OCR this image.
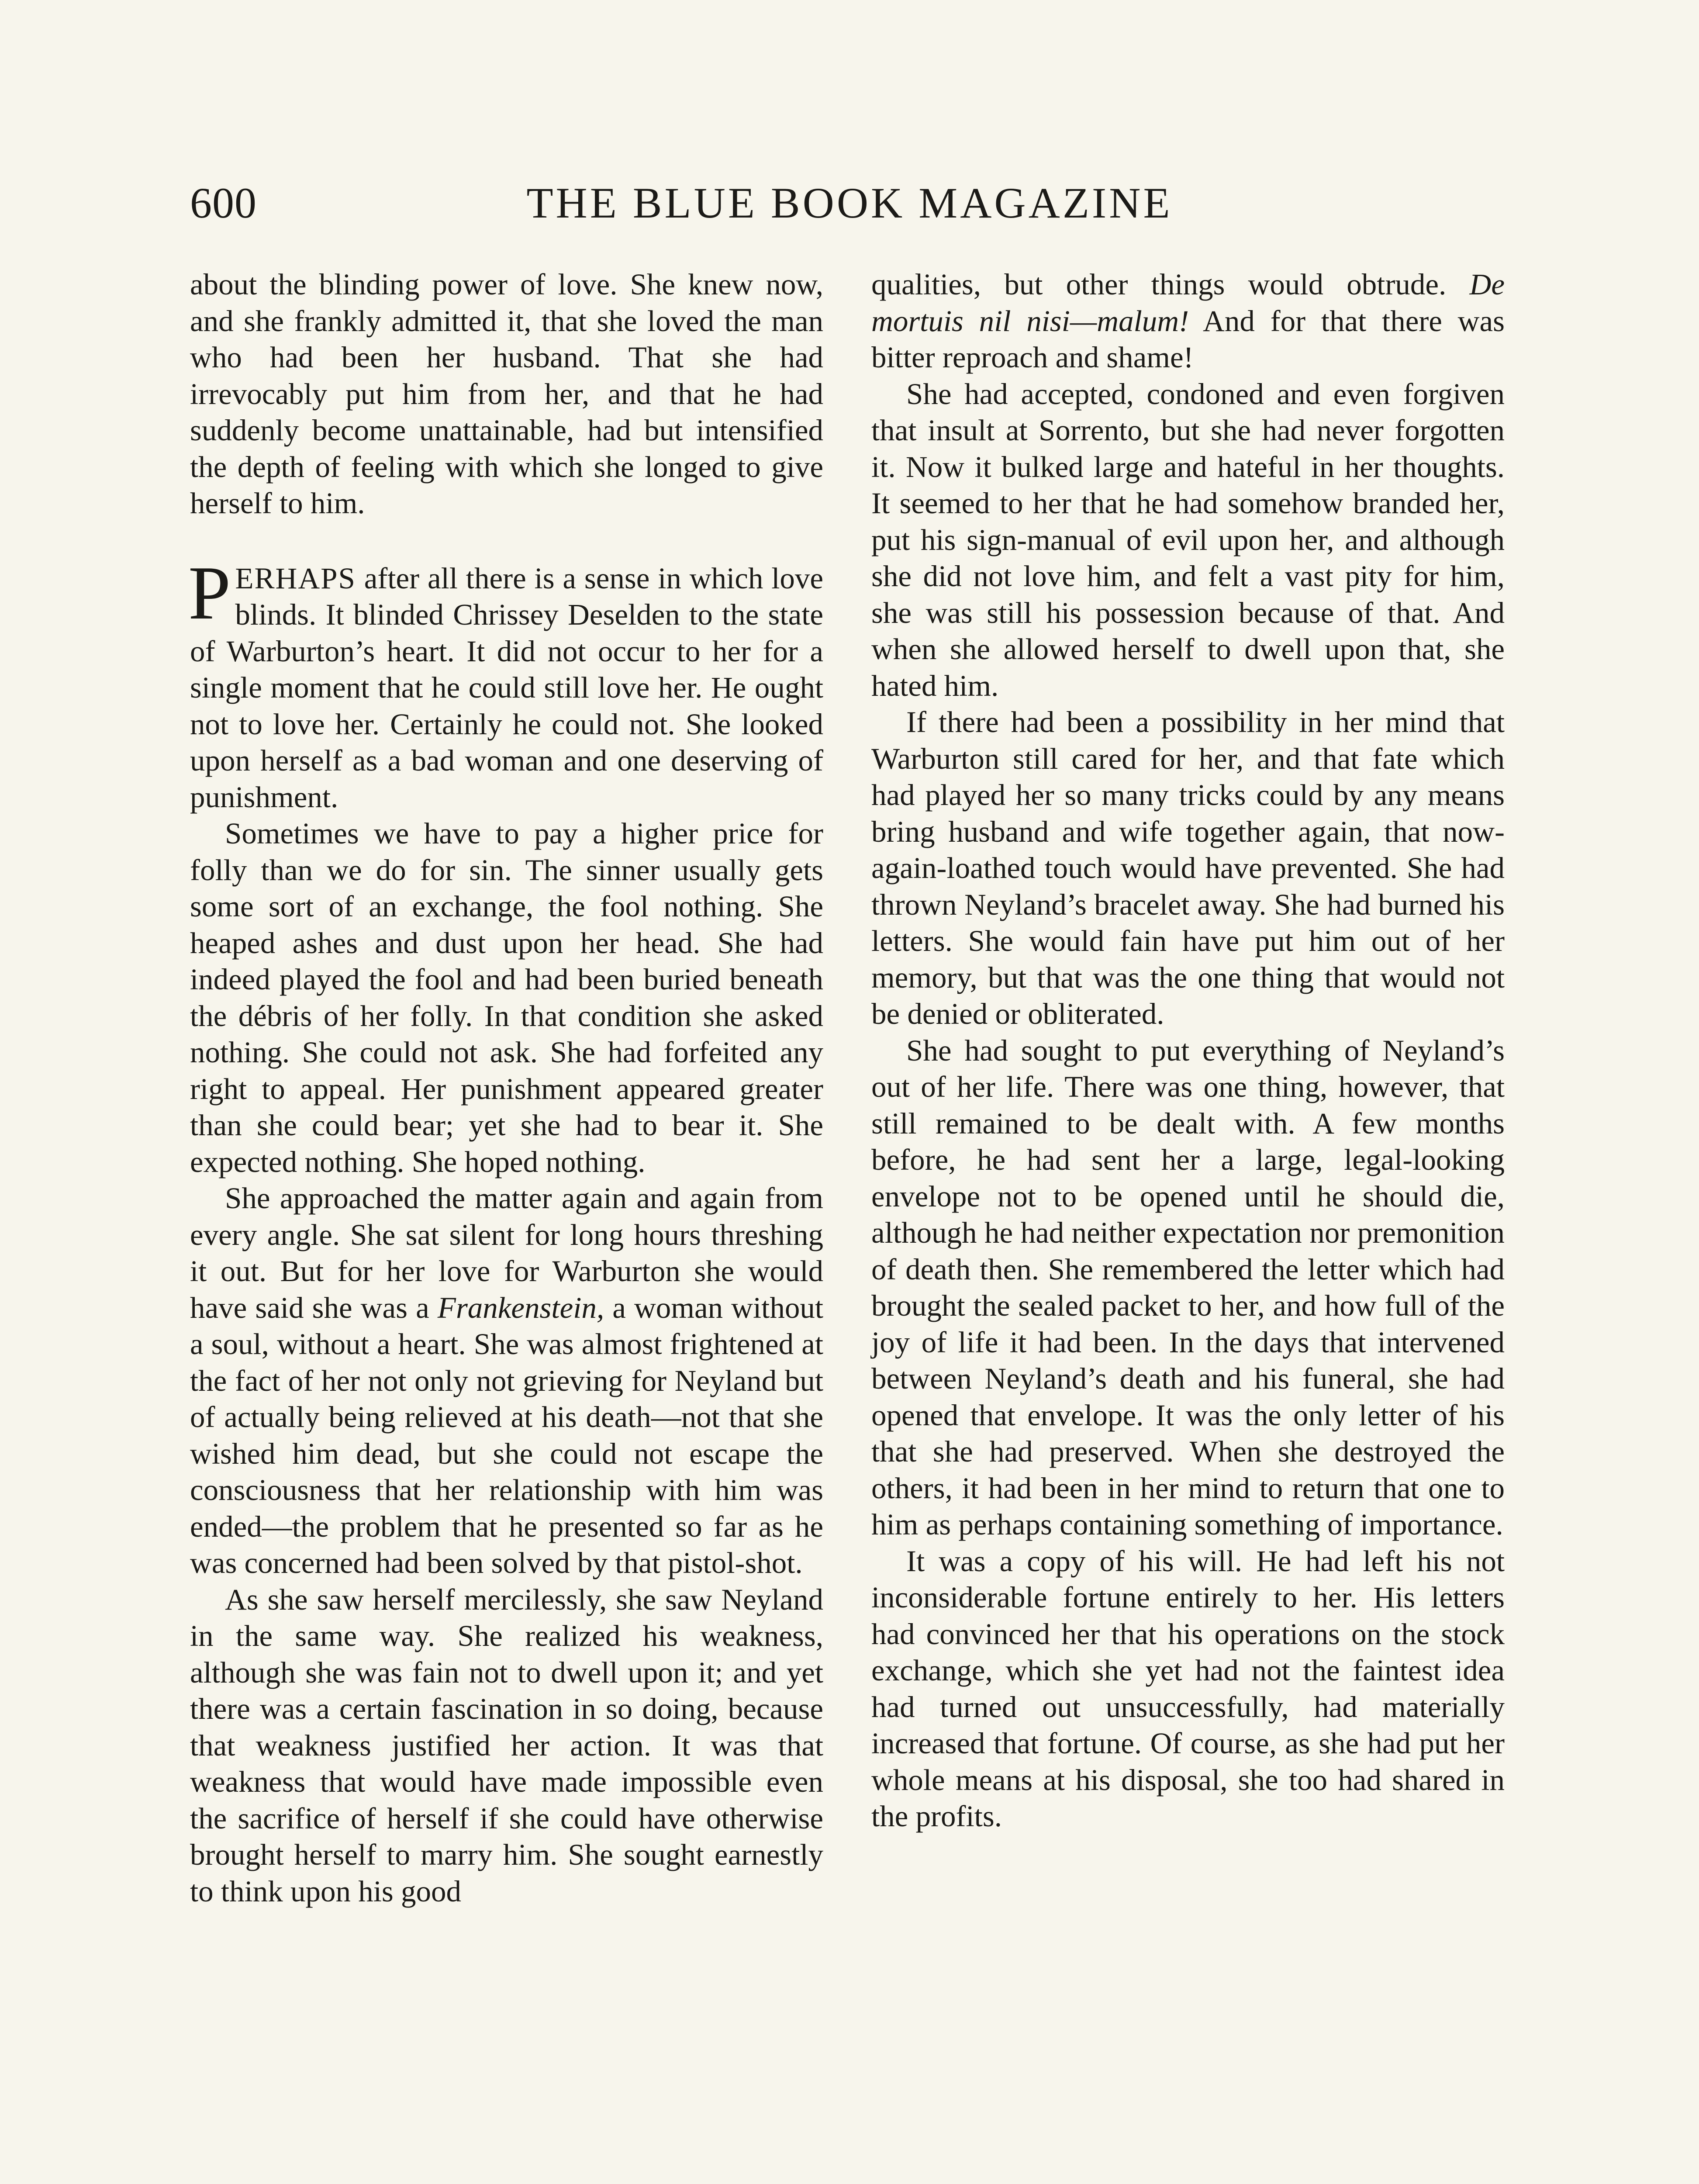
600	THE BLUE BOOK MAGAZINE

about the blinding power of love. She knew now, and she frankly admitted it, that she loved the man who had been her husband. That she had irrevocably put him from her, and that he had suddenly become unattainable, had but intensified the depth of feeling with which she longed to give herself to him.

PERHAPS after all there is a sense in which love blinds. It blinded Chrissey Deselden to the state of Warburton’s heart. It did not occur to her for a single moment that he could still love her. He ought not to love her. Certainly he could not. She looked upon herself as a bad woman and one deserving of punishment.

Sometimes we have to pay a higher price for folly than we do for sin. The sinner usually gets some sort of an exchange, the fool nothing. She heaped ashes and dust upon her head. She had indeed played the fool and had been buried beneath the débris of her folly. In that condition she asked nothing. She could not ask. She had forfeited any right to appeal. Her punishment appeared greater than she could bear; yet she had to bear it. She expected nothing. She hoped nothing.

She approached the matter again and again from every angle. She sat silent for long hours threshing it out. But for her love for Warburton she would have said she was a Frankenstein, a woman without a soul, without a heart. She was almost frightened at the fact of her not only not grieving for Neyland but of actually being relieved at his death—not that she wished him dead, but she could not escape the consciousness that her relationship with him was ended—the problem that he presented so far as he was concerned had been solved by that pistol-shot.

As she saw herself mercilessly, she saw Neyland in the same way. She realized his weakness, although she was fain not to dwell upon it; and yet there was a certain fascination in so doing, because that weakness justified her action. It was that weakness that would have made impossible even the sacrifice of herself if she could have otherwise brought herself to marry him. She sought earnestly to think upon his good

qualities, but other things would obtrude. De mortuis nil nisi—malum! And for that there was bitter reproach and shame!

She had accepted, condoned and even forgiven that insult at Sorrento, but she had never forgotten it. Now it bulked large and hateful in her thoughts. It seemed to her that he had somehow branded her, put his sign-manual of evil upon her, and although she did not love him, and felt a vast pity for him, she was still his possession because of that. And when she allowed herself to dwell upon that, she hated him.

If there had been a possibility in her mind that Warburton still cared for her, and that fate which had played her so many tricks could by any means bring husband and wife together again, that now-again-loathed touch would have prevented. She had thrown Neyland’s bracelet away. She had burned his letters. She would fain have put him out of her memory, but that was the one thing that would not be denied or obliterated.

She had sought to put everything of Neyland’s out of her life. There was one thing, however, that still remained to be dealt with. A few months before, he had sent her a large, legal-looking envelope not to be opened until he should die, although he had neither expectation nor premonition of death then. She remembered the letter which had brought the sealed packet to her, and how full of the joy of life it had been. In the days that intervened between Neyland’s death and his funeral, she had opened that envelope. It was the only letter of his that she had preserved. When she destroyed the others, it had been in her mind to return that one to him as perhaps containing something of importance.

It was a copy of his will. He had left his not inconsiderable fortune entirely to her. His letters had convinced her that his operations on the stock exchange, which she yet had not the faintest idea had turned out unsuccessfully, had materially increased that fortune. Of course, as she had put her whole means at his disposal, she too had shared in the profits.
